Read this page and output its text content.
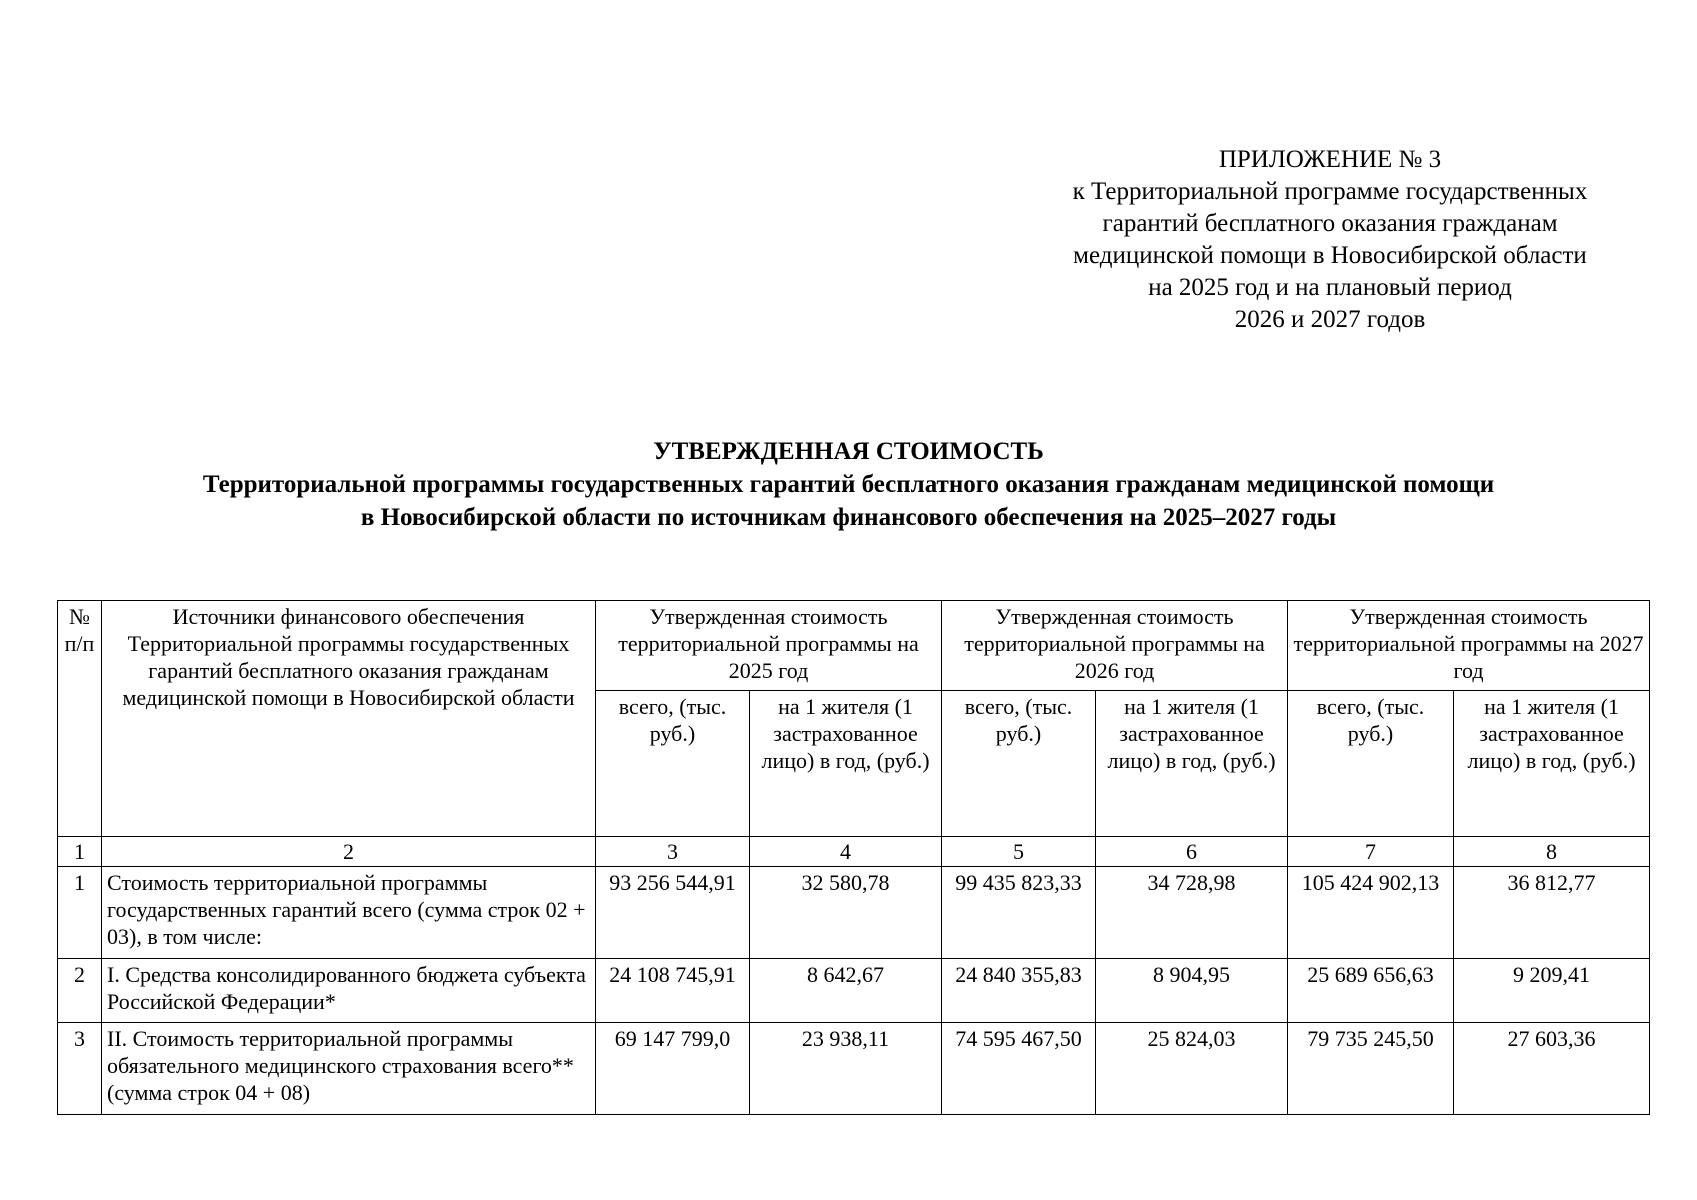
ПРИЛОЖЕНИЕ № 3
к Территориальной программе государственных
гарантий бесплатного оказания гражданам
медицинской помощи в Новосибирской области
на 2025 год и на плановый период
2026 и 2027 годов
УТВЕРЖДЕННАЯ СТОИМОСТЬ
Территориальной программы государственных гарантий бесплатного оказания гражданам медицинской помощи
в Новосибирской области по источникам финансового обеспечения на 2025–2027 годы
№ п/п	Источники финансового обеспечения Территориальной программы государственных гарантий бесплатного оказания гражданам медицинской помощи в Новосибирской области	Утвержденная стоимость территориальной программы на 2025 год		Утвержденная стоимость территориальной программы на 2026 год		Утвержденная стоимость территориальной программы на 2027 год	
		всего, (тыс. руб.)	на 1 жителя (1 застрахованное лицо) в год, (руб.)	всего, (тыс. руб.)	на 1 жителя (1 застрахованное лицо) в год, (руб.)	всего, (тыс. руб.)	на 1 жителя (1 застрахованное лицо) в год, (руб.)
1	2	3	4	5	6	7	8
1	Стоимость территориальной программы государственных гарантий всего (сумма строк 02 + 03), в том числе:	93 256 544,91	32 580,78	99 435 823,33	34 728,98	105 424 902,13	36 812,77
2	I. Средства консолидированного бюджета субъекта Российской Федерации*	24 108 745,91	8 642,67	24 840 355,83	8 904,95	25 689 656,63	9 209,41
3	II. Стоимость территориальной программы обязательного медицинского страхования всего** (сумма строк 04 + 08)	69 147 799,0	23 938,11	74 595 467,50	25 824,03	79 735 245,50	27 603,36
